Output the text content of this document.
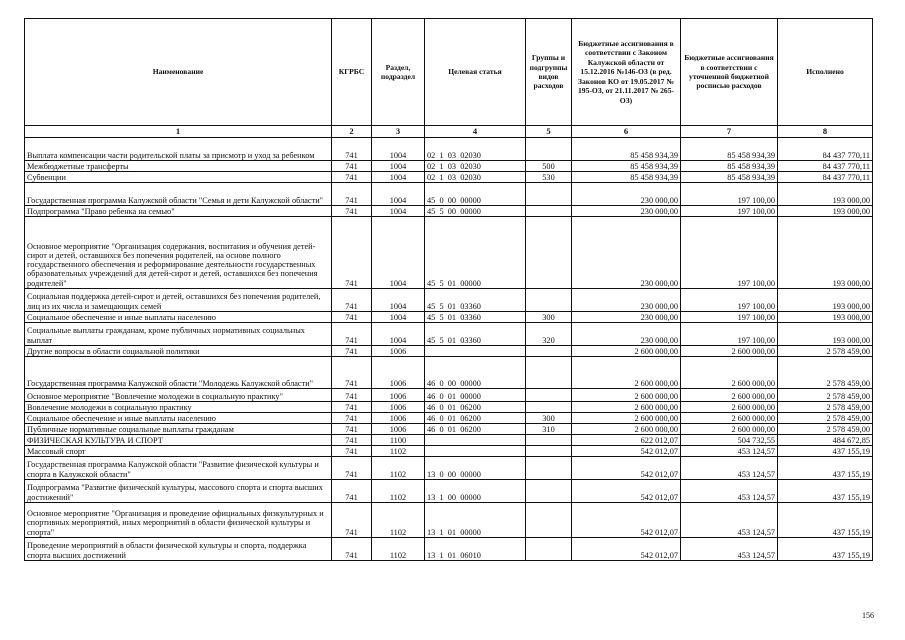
Наименование	КГРБС	Раздел, подраздел	Целевая статья	Группы и подгруппы видов расходов	Бюджетные ассигнования в соответствии с Законом Калужской области от 15.12.2016 №146-ОЗ (в ред. Законов КО от 19.05.2017 № 195-ОЗ, от 21.11.2017 № 265-ОЗ)	Бюджетные ассигнования в соответствии с уточненной бюджетной росписью расходов	Исполнено
1	2	3	4	5	6	7	8
Выплата компенсации части родительской платы за присмотр и уход за ребенком	741	1004	02  1  03  02030		85 458 934,39	85 458 934,39	84 437 770,11
Межбюджетные трансферты	741	1004	02  1  03  02030	500	85 458 934,39	85 458 934,39	84 437 770,11
Субвенции	741	1004	02  1  03  02030	530	85 458 934,39	85 458 934,39	84 437 770,11
Государственная программа Калужской области "Семья и дети Калужской области"	741	1004	45  0  00  00000		230 000,00	197 100,00	193 000,00
Подпрограмма "Право ребенка на семью"	741	1004	45  5  00  00000		230 000,00	197 100,00	193 000,00
Основное мероприятие "Организация содержания, воспитания и обучения детей-сирот и детей, оставшихся без попечения родителей, на основе полного государственного обеспечения и реформирование деятельности государственных образовательных учреждений для детей-сирот и детей, оставшихся без попечения родителей"	741	1004	45  5  01  00000		230 000,00	197 100,00	193 000,00
Социальная поддержка детей-сирот и детей, оставшихся без попечения родителей, лиц из их числа и замещающих семей	741	1004	45  5  01  03360		230 000,00	197 100,00	193 000,00
Социальное обеспечение и иные выплаты населению	741	1004	45  5  01  03360	300	230 000,00	197 100,00	193 000,00
Социальные выплаты гражданам, кроме публичных нормативных социальных выплат	741	1004	45  5  01  03360	320	230 000,00	197 100,00	193 000,00
Другие вопросы в области социальной политики	741	1006			2 600 000,00	2 600 000,00	2 578 459,00
Государственная программа Калужской области "Молодежь Калужской области"	741	1006	46  0  00  00000		2 600 000,00	2 600 000,00	2 578 459,00
Основное мероприятие "Вовлечение молодежи в социальную практику"	741	1006	46  0  01  00000		2 600 000,00	2 600 000,00	2 578 459,00
Вовлечение молодежи в социальную практику	741	1006	46  0  01  06200		2 600 000,00	2 600 000,00	2 578 459,00
Социальное обеспечение и иные выплаты населению	741	1006	46  0  01  06200	300	2 600 000,00	2 600 000,00	2 578 459,00
Публичные нормативные социальные выплаты гражданам	741	1006	46  0  01  06200	310	2 600 000,00	2 600 000,00	2 578 459,00
ФИЗИЧЕСКАЯ КУЛЬТУРА И СПОРТ	741	1100			622 012,07	504 732,55	484 672,85
Массовый спорт	741	1102			542 012,07	453 124,57	437 155,19
Государственная программа Калужской области "Развитие физической культуры и спорта в Калужской области"	741	1102	13  0  00  00000		542 012,07	453 124,57	437 155,19
Подпрограмма "Развитие физической культуры, массового спорта и спорта высших достижений"	741	1102	13  1  00  00000		542 012,07	453 124,57	437 155,19
Основное мероприятие "Организация и проведение официальных физкультурных и спортивных мероприятий, иных мероприятий в области физической культуры и спорта"	741	1102	13  1  01  00000		542 012,07	453 124,57	437 155,19
Проведение мероприятий в области физической культуры и спорта, поддержка спорта высших достижений	741	1102	13  1  01  06010		542 012,07	453 124,57	437 155,19
156
